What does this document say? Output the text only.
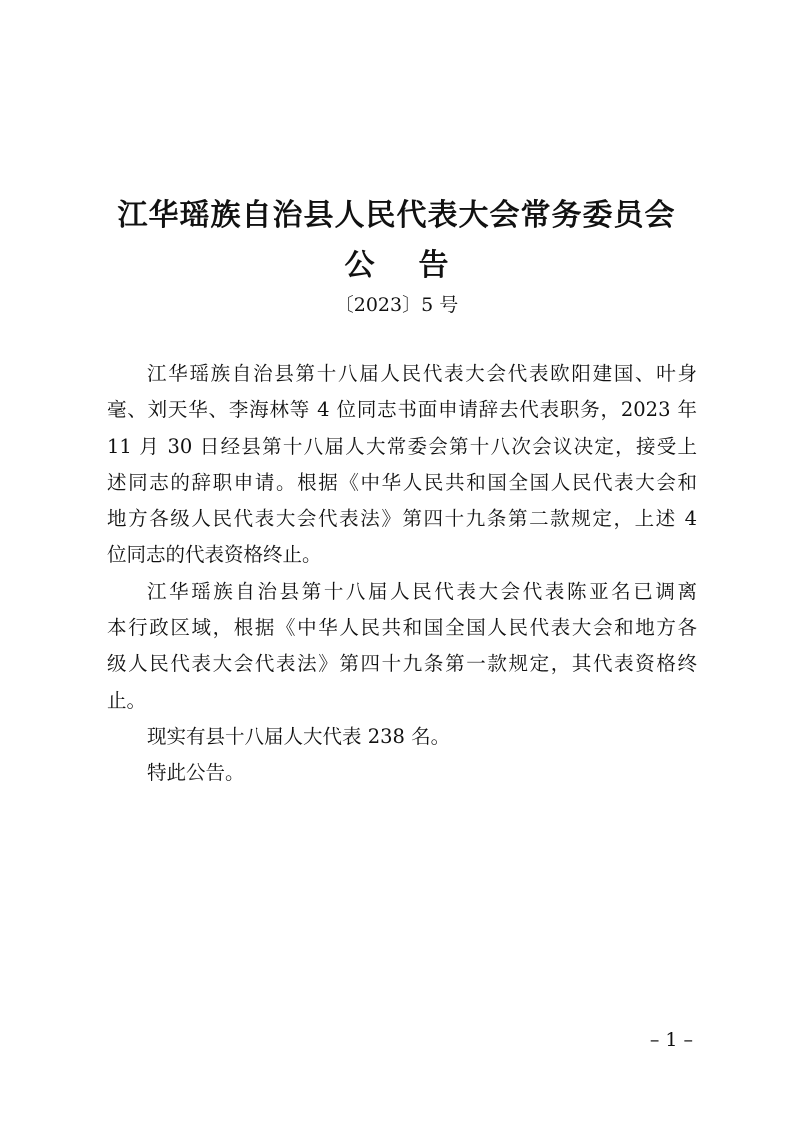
江华瑶族自治县人民代表大会常务委员会
公告
〔2023〕5 号
江华瑶族自治县第十八届人民代表大会代表欧阳建国、叶身
毫、刘天华、李海林等 4 位同志书面申请辞去代表职务，2023 年
11 月 30 日经县第十八届人大常委会第十八次会议决定，接受上
述同志的辞职申请。根据《中华人民共和国全国人民代表大会和
地方各级人民代表大会代表法》第四十九条第二款规定，上述 4
位同志的代表资格终止。
江华瑶族自治县第十八届人民代表大会代表陈亚名已调离
本行政区域，根据《中华人民共和国全国人民代表大会和地方各
级人民代表大会代表法》第四十九条第一款规定，其代表资格终
止。
现实有县十八届人大代表 238 名。
特此公告。
– 1 –
